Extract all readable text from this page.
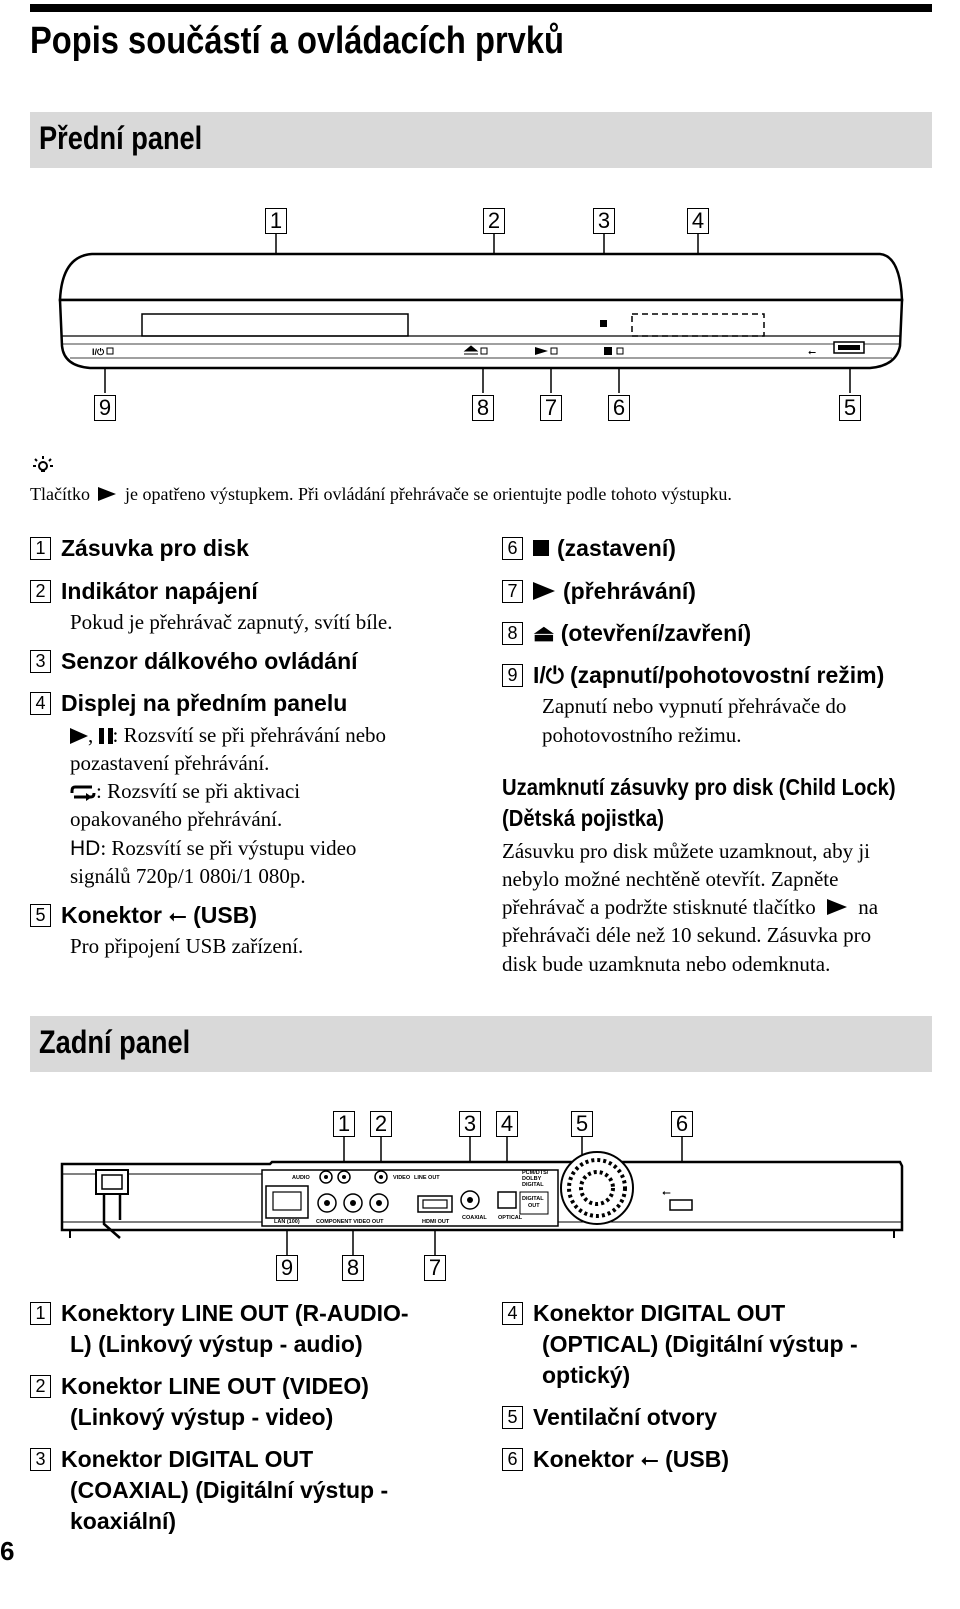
Popis součástí a ovládacích prvků
Přední panel
I/⏻	⭠
1	2	3	4
9	8	7	6	5
Tlačítko je opatřeno výstupkem. Při ovládání přehrávače se orientujte podle tohoto výstupku.
1 Zásuvka pro disk
2 Indikátor napájení
Pokud je přehrávač zapnutý, svítí bíle.
3 Senzor dálkového ovládání
4 Displej na předním panelu
, : Rozsvítí se při přehrávání nebo
pozastavení přehrávání.
: Rozsvítí se při aktivaci
opakovaného přehrávání.
HD: Rozsvítí se při výstupu video
signálů 720p/1 080i/1 080p.
5 Konektor ⭠ (USB)
Pro připojení USB zařízení.
6 (zastavení)
7 (přehrávání)
8 ⏏ (otevření/zavření)
9 I/⏻ (zapnutí/pohotovostní režim)
Zapnutí nebo vypnutí přehrávače do
pohotovostního režimu.
Uzamknutí zásuvky pro disk (Child Lock)
(Dětská pojistka)
Zásuvku pro disk můžete uzamknout, aby ji
nebylo možné nechtěně otevřít. Zapněte
přehrávač a podržte stisknuté tlačítko na
přehrávači déle než 10 sekund. Zásuvka pro
disk bude uzamknuta nebo odemknuta.
Zadní panel
⭠
AUDIO	VIDEO LINE OUT
LAN (100)	COMPONENT VIDEO OUT	HDMI OUT
COAXIAL OPTICAL
DIGITAL
OUT
PCM/DTS/
DOLBY
DIGITAL
1 2	3 4	5	6
9 8	7
1 Konektory LINE OUT (R-AUDIO-
L) (Linkový výstup - audio)
2 Konektor LINE OUT (VIDEO)
(Linkový výstup - video)
3 Konektor DIGITAL OUT
(COAXIAL) (Digitální výstup -
koaxiální)
4 Konektor DIGITAL OUT
(OPTICAL) (Digitální výstup -
optický)
5 Ventilační otvory
6 Konektor ⭠ (USB)
6
